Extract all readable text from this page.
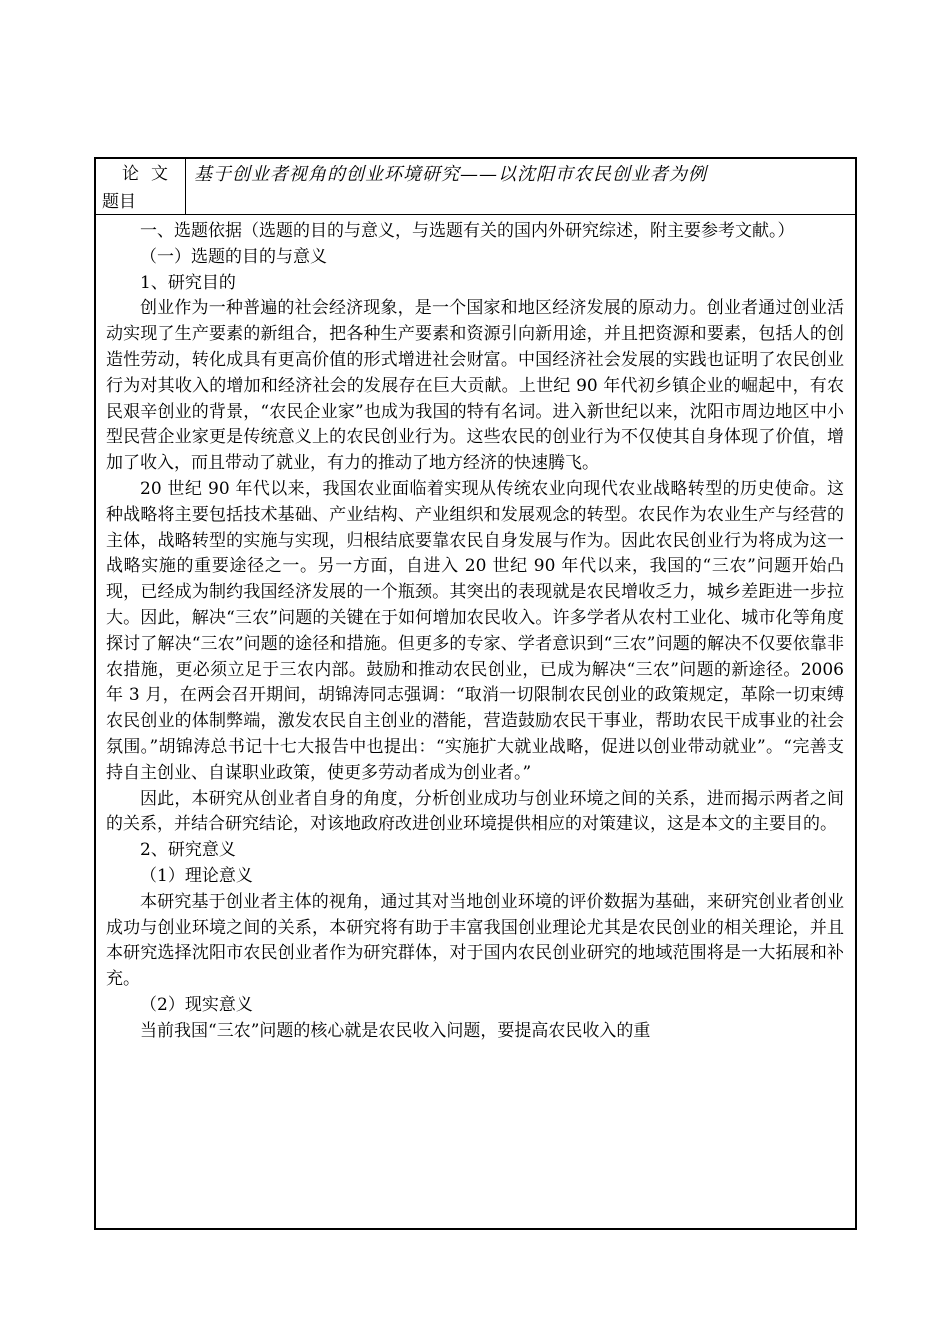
论文
题目
基于创业者视角的创业环境研究——以沈阳市农民创业者为例

一、选题依据（选题的目的与意义，与选题有关的国内外研究综述，附主要参考文献。）

（一）选题的目的与意义

1、研究目的

创业作为一种普遍的社会经济现象，是一个国家和地区经济发展的原动力。创业者通过创业活动实现了生产要素的新组合，把各种生产要素和资源引向新用途，并且把资源和要素，包括人的创造性劳动，转化成具有更高价值的形式增进社会财富。中国经济社会发展的实践也证明了农民创业行为对其收入的增加和经济社会的发展存在巨大贡献。上世纪 90 年代初乡镇企业的崛起中，有农民艰辛创业的背景，“农民企业家”也成为我国的特有名词。进入新世纪以来，沈阳市周边地区中小型民营企业家更是传统意义上的农民创业行为。这些农民的创业行为不仅使其自身体现了价值，增加了收入，而且带动了就业，有力的推动了地方经济的快速腾飞。

20 世纪 90 年代以来，我国农业面临着实现从传统农业向现代农业战略转型的历史使命。这种战略将主要包括技术基础、产业结构、产业组织和发展观念的转型。农民作为农业生产与经营的主体，战略转型的实施与实现，归根结底要靠农民自身发展与作为。因此农民创业行为将成为这一战略实施的重要途径之一。另一方面，自进入 20 世纪 90 年代以来，我国的“三农”问题开始凸现，已经成为制约我国经济发展的一个瓶颈。其突出的表现就是农民增收乏力，城乡差距进一步拉大。因此，解决“三农”问题的关键在于如何增加农民收入。许多学者从农村工业化、城市化等角度探讨了解决“三农”问题的途径和措施。但更多的专家、学者意识到“三农”问题的解决不仅要依靠非农措施，更必须立足于三农内部。鼓励和推动农民创业，已成为解决“三农”问题的新途径。2006 年 3 月，在两会召开期间，胡锦涛同志强调：“取消一切限制农民创业的政策规定，革除一切束缚农民创业的体制弊端，激发农民自主创业的潜能，营造鼓励农民干事业，帮助农民干成事业的社会氛围。”胡锦涛总书记十七大报告中也提出：“实施扩大就业战略，促进以创业带动就业”。“完善支持自主创业、自谋职业政策，使更多劳动者成为创业者。”

因此，本研究从创业者自身的角度，分析创业成功与创业环境之间的关系，进而揭示两者之间的关系，并结合研究结论，对该地政府改进创业环境提供相应的对策建议，这是本文的主要目的。

2、研究意义

（1）理论意义

本研究基于创业者主体的视角，通过其对当地创业环境的评价数据为基础，来研究创业者创业成功与创业环境之间的关系，本研究将有助于丰富我国创业理论尤其是农民创业的相关理论，并且本研究选择沈阳市农民创业者作为研究群体，对于国内农民创业研究的地域范围将是一大拓展和补充。

（2）现实意义

当前我国“三农”问题的核心就是农民收入问题，要提高农民收入的重
